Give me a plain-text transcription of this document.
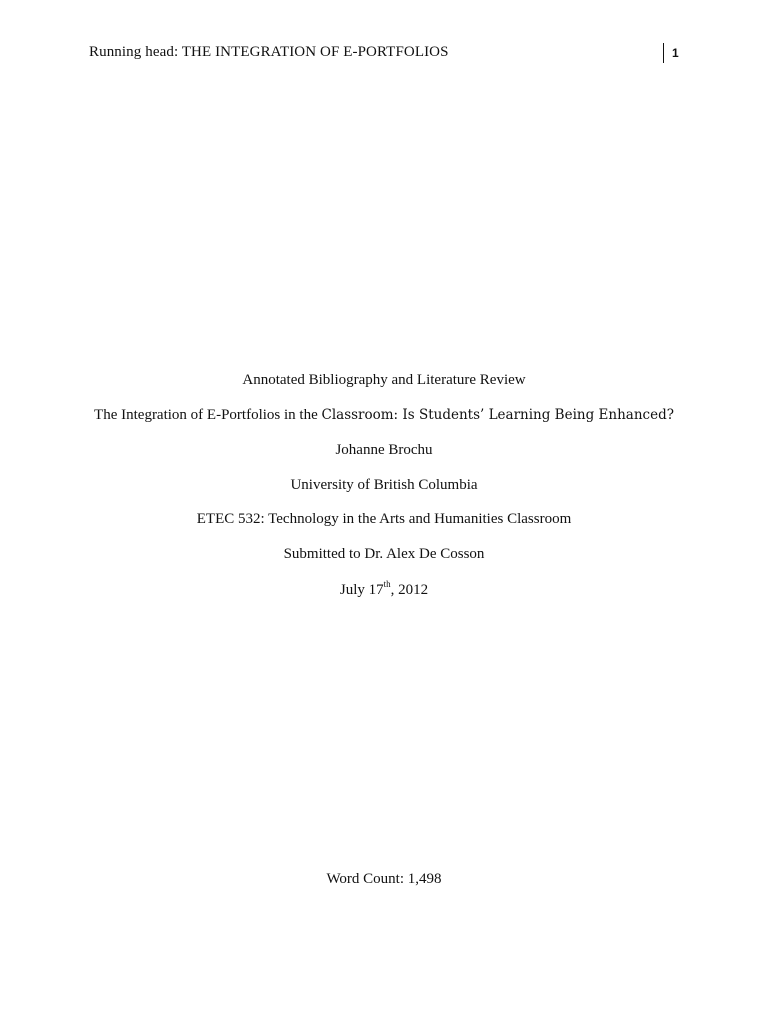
Running head: THE INTEGRATION OF E-PORTFOLIOS	1
Annotated Bibliography and Literature Review
The Integration of E-Portfolios in the Classroom: Is Students’ Learning Being Enhanced?
Johanne Brochu
University of British Columbia
ETEC 532: Technology in the Arts and Humanities Classroom
Submitted to Dr. Alex De Cosson
July 17th, 2012
Word Count: 1,498
